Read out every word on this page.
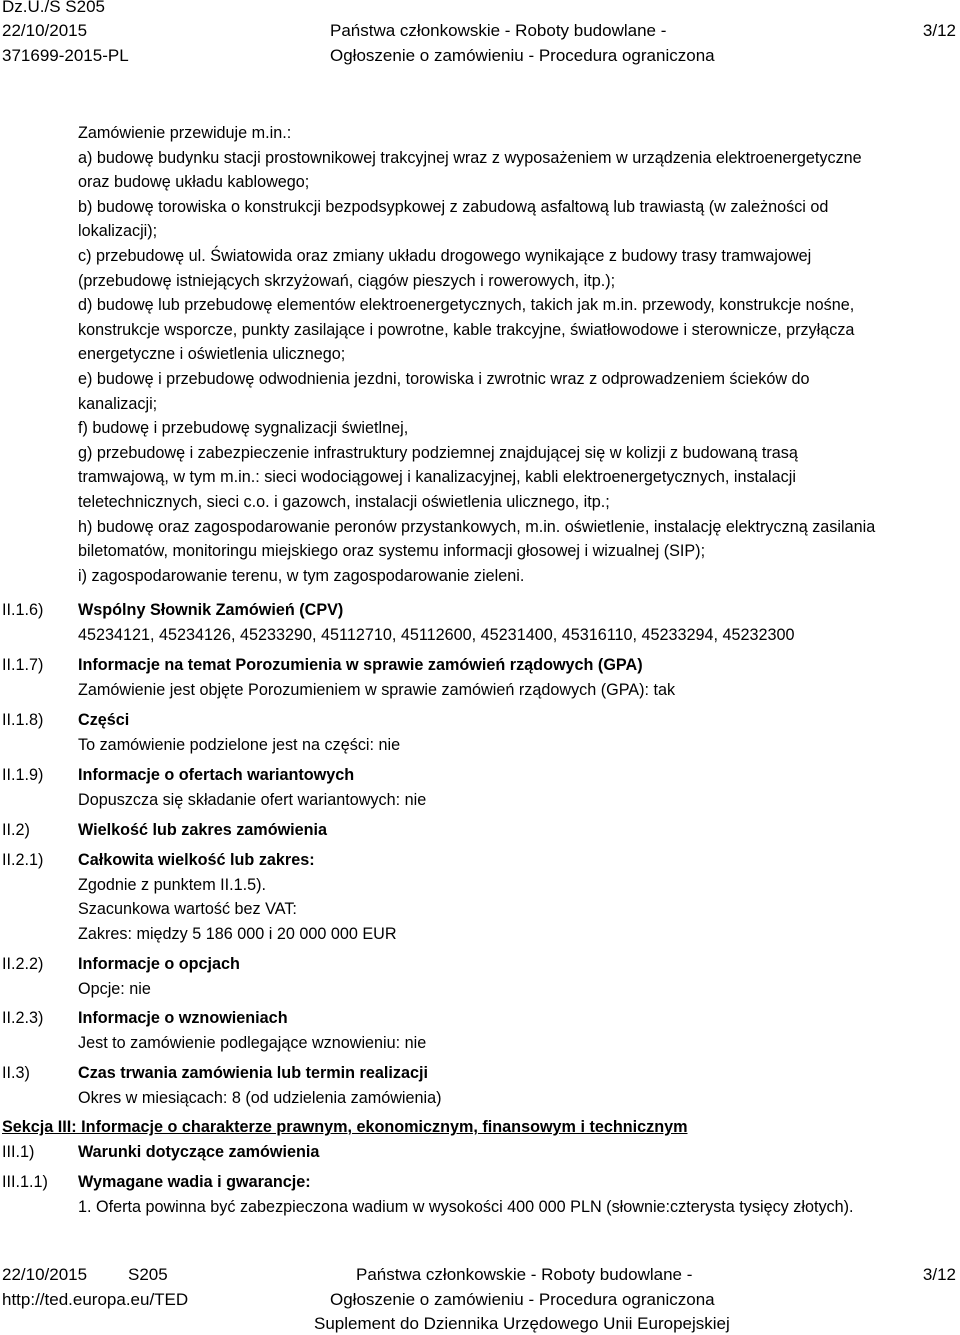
Dz.U./S S205
22/10/2015
371699-2015-PL
Państwa członkowskie - Roboty budowlane -
Ogłoszenie o zamówieniu - Procedura ograniczona
3/12
Zamówienie przewiduje m.in.:
a) budowę budynku stacji prostownikowej trakcyjnej wraz z wyposażeniem w urządzenia elektroenergetyczne
oraz budowę układu kablowego;
b) budowę torowiska o konstrukcji bezpodsypkowej z zabudową asfaltową lub trawiastą (w zależności od
lokalizacji);
c) przebudowę ul. Światowida oraz zmiany układu drogowego wynikające z budowy trasy tramwajowej
(przebudowę istniejących skrzyżowań, ciągów pieszych i rowerowych, itp.);
d) budowę lub przebudowę elementów elektroenergetycznych, takich jak m.in. przewody, konstrukcje nośne,
konstrukcje wsporcze, punkty zasilające i powrotne, kable trakcyjne, światłowodowe i sterownicze, przyłącza
energetyczne i oświetlenia ulicznego;
e) budowę i przebudowę odwodnienia jezdni, torowiska i zwrotnic wraz z odprowadzeniem ścieków do
kanalizacji;
f) budowę i przebudowę sygnalizacji świetlnej,
g) przebudowę i zabezpieczenie infrastruktury podziemnej znajdującej się w kolizji z budowaną trasą
tramwajową, w tym m.in.: sieci wodociągowej i kanalizacyjnej, kabli elektroenergetycznych, instalacji
teletechnicznych, sieci c.o. i gazowch, instalacji oświetlenia ulicznego, itp.;
h) budowę oraz zagospodarowanie peronów przystankowych, m.in. oświetlenie, instalację elektryczną zasilania
biletomatów, monitoringu miejskiego oraz systemu informacji głosowej i wizualnej (SIP);
i) zagospodarowanie terenu, w tym zagospodarowanie zieleni.
II.1.6) Wspólny Słownik Zamówień (CPV)
45234121, 45234126, 45233290, 45112710, 45112600, 45231400, 45316110, 45233294, 45232300
II.1.7) Informacje na temat Porozumienia w sprawie zamówień rządowych (GPA)
Zamówienie jest objęte Porozumieniem w sprawie zamówień rządowych (GPA): tak
II.1.8) Części
To zamówienie podzielone jest na części: nie
II.1.9) Informacje o ofertach wariantowych
Dopuszcza się składanie ofert wariantowych: nie
II.2)	Wielkość lub zakres zamówienia
II.2.1) Całkowita wielkość lub zakres:
Zgodnie z punktem II.1.5).
Szacunkowa wartość bez VAT:
Zakres: między 5 186 000 i 20 000 000 EUR
II.2.2) Informacje o opcjach
Opcje: nie
II.2.3) Informacje o wznowieniach
Jest to zamówienie podlegające wznowieniu: nie
II.3)	Czas trwania zamówienia lub termin realizacji
Okres w miesiącach: 8 (od udzielenia zamówienia)
Sekcja III: Informacje o charakterze prawnym, ekonomicznym, finansowym i technicznym
III.1)	Warunki dotyczące zamówienia
III.1.1) Wymagane wadia i gwarancje:
1. Oferta powinna być zabezpieczona wadium w wysokości 400 000 PLN (słownie:czterysta tysięcy złotych).
22/10/2015 S205
http://ted.europa.eu/TED
Państwa członkowskie - Roboty budowlane -
Ogłoszenie o zamówieniu - Procedura ograniczona
Suplement do Dziennika Urzędowego Unii Europejskiej
3/12
